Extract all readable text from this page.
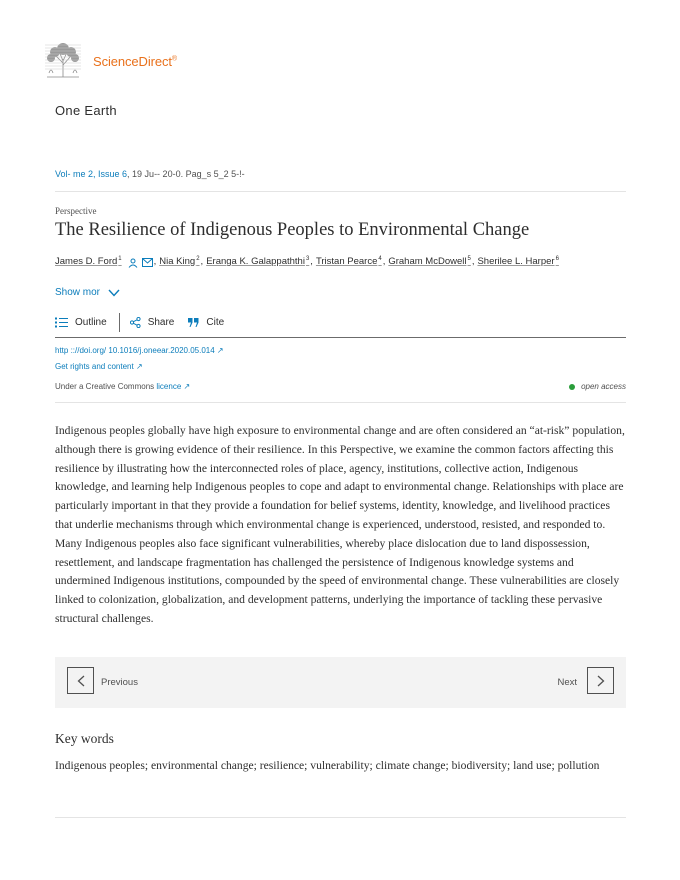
ScienceDirect®
One Earth
Vol- me 2, Issue 6, 19 Ju-- 20-0. Pag_s 5_2 5-!-
Perspective
The Resilience of Indigenous Peoples to Environmental Change
James D. Ford$^1$	, Nia King$^2$ , Eranga K. Galappaththi$^3$ , Tristan Pearce$^4$ , Graham McDowell$^5$ , Sherilee L. Harper$^6$
Show mor
Outline	Share	Cite
http :://doi.org/ 10.1016/j.oneear.2020.05.014 ↗
Get rights and content ↗
Under a Creative Commons licence ↗	open access

Indigenous peoples globally have high exposure to environmental change and are often considered an “at-risk” population, although there is growing evidence of their resilience. In this Perspective, we examine the common factors affecting this resilience by illustrating how the interconnected roles of place, agency, institutions, collective action, Indigenous knowledge, and learning help Indigenous peoples to cope and adapt to environmental change. Relationships with place are particularly important in that they provide a foundation for belief systems, identity, knowledge, and livelihood practices that underlie mechanisms through which environmental change is experienced, understood, resisted, and responded to. Many Indigenous peoples also face significant vulnerabilities, whereby place dislocation due to land dispossession, resettlement, and landscape fragmentation has challenged the persistence of Indigenous knowledge systems and undermined Indigenous institutions, compounded by the speed of environmental change. These vulnerabilities are closely linked to colonization, globalization, and development patterns, underlying the importance of tackling these pervasive structural challenges.

Previous	Next
Key words

Indigenous peoples; environmental change; resilience; vulnerability; climate change; biodiversity; land use; pollution
